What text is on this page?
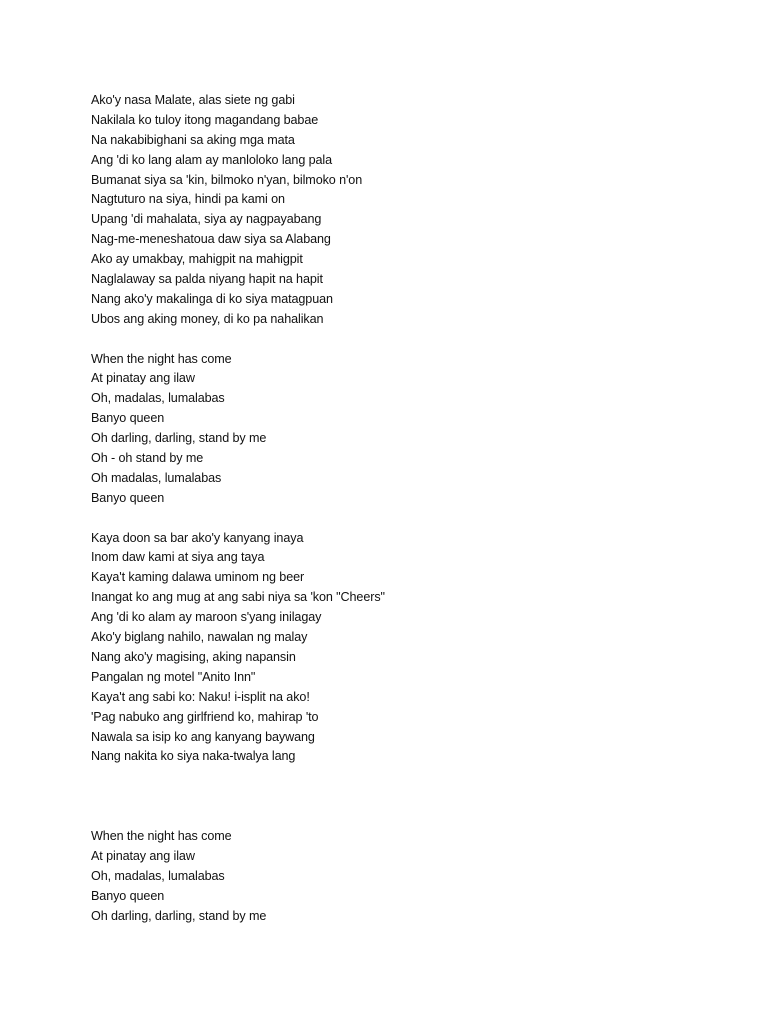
Ako'y nasa Malate, alas siete ng gabi
Nakilala ko tuloy itong magandang babae
Na nakabibighani sa aking mga mata
Ang 'di ko lang alam ay manloloko lang pala
Bumanat siya sa 'kin, bilmoko n'yan, bilmoko n'on
Nagtuturo na siya, hindi pa kami on
Upang 'di mahalata, siya ay nagpayabang
Nag-me-meneshatoua daw siya sa Alabang
Ako ay umakbay, mahigpit na mahigpit
Naglalaway sa palda niyang hapit na hapit
Nang ako'y makalinga di ko siya matagpuan
Ubos ang aking money, di ko pa nahalikan
When the night has come
At pinatay ang ilaw
Oh, madalas, lumalabas
Banyo queen
Oh darling, darling, stand by me
Oh - oh stand by me
Oh madalas, lumalabas
Banyo queen
Kaya doon sa bar ako'y kanyang inaya
Inom daw kami at siya ang taya
Kaya't kaming dalawa uminom ng beer
Inangat ko ang mug at ang sabi niya sa 'kon "Cheers"
Ang 'di ko alam ay maroon s'yang inilagay
Ako'y biglang nahilo, nawalan ng malay
Nang ako'y magising, aking napansin
Pangalan ng motel "Anito Inn"
Kaya't ang sabi ko: Naku! i-isplit na ako!
'Pag nabuko ang girlfriend ko, mahirap 'to
Nawala sa isip ko ang kanyang baywang
Nang nakita ko siya naka-twalya lang
When the night has come
At pinatay ang ilaw
Oh, madalas, lumalabas
Banyo queen
Oh darling, darling, stand by me
